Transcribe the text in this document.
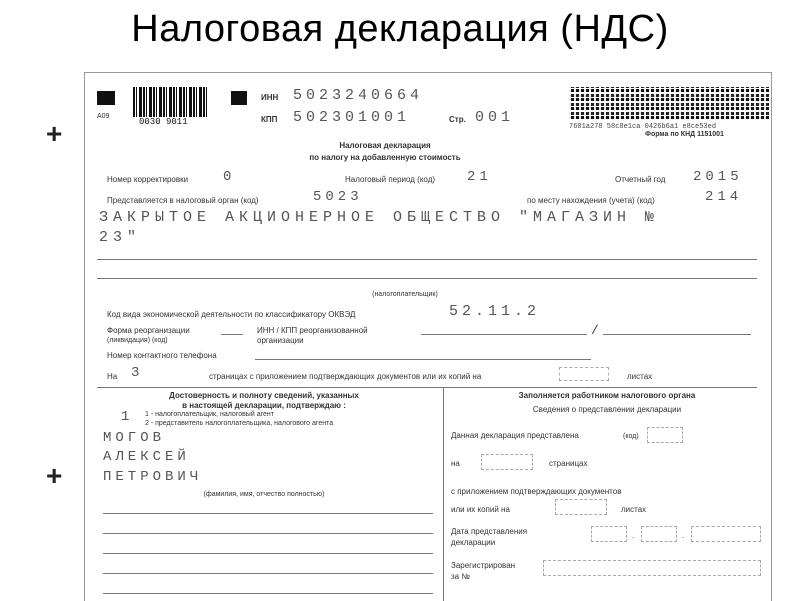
Налоговая декларация (НДС)
+
+
0030 9011
А09
ИНН 5023240664
КПП 502301001	Стр. 001
7601a278 58c8e1ca 0426b6a1 e8ce53ed
Форма по КНД 1151001
Налоговая декларация
по налогу на добавленную стоимость
Номер корректировки 0	Налоговый период (код) 21	Отчетный год 2015
Представляется в налоговый орган (код)	5023	по месту нахождения (учета) (код)	214
ЗАКРЫТОЕ АКЦИОНЕРНОЕ ОБЩЕСТВО "МАГАЗИН №
23"
(налогоплательщик)
Код вида экономической деятельности по классификатору ОКВЭД	52.11.2
Форма реорганизации
(ликвидация) (код)
ИНН / КПП реорганизованной
организации
/
Номер контактного телефона
На 3	страницах с приложением подтверждающих документов или их копий на	листах
Достоверность и полноту сведений, указанных
в настоящей декларации, подтверждаю :
1 1 - налогоплательщик, налоговый агент
2 - представитель налогоплательщика, налогового агента
МОГОВ
АЛЕКСЕЙ
ПЕТРОВИЧ
(фамилия, имя, отчество полностью)
Заполняется работником налогового органа
Сведения о представлении декларации
Данная декларация представлена	(код)
на	страницах
с приложением подтверждающих документов
или их копий на	листах
Дата представления
декларации
.	.
Зарегистрирован
за №
